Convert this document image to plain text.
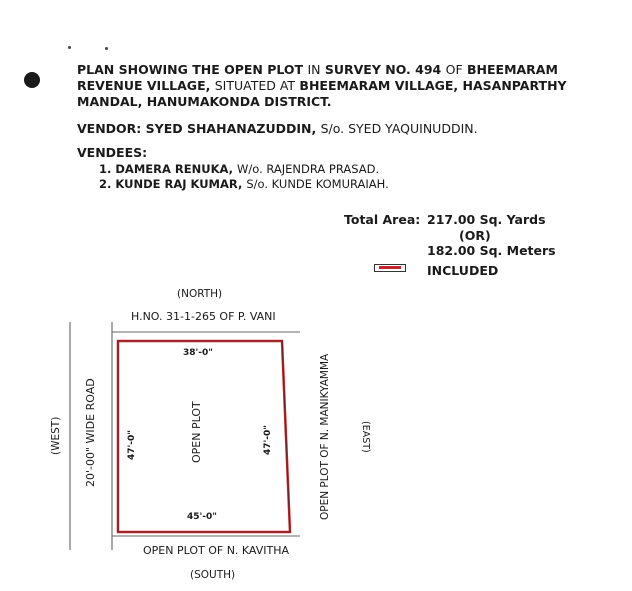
PLAN SHOWING THE OPEN PLOT IN SURVEY NO. 494 OF BHEEMARAM REVENUE VILLAGE, SITUATED AT BHEEMARAM VILLAGE, HASANPARTHY MANDAL, HANUMAKONDA DISTRICT.
VENDOR: SYED SHAHANAZUDDIN, S/o. SYED YAQUINUDDIN.
VENDEES:
1. DAMERA RENUKA, W/o. RAJENDRA PRASAD.
2. KUNDE RAJ KUMAR, S/o. KUNDE KOMURAIAH.
Total Area: 217.00 Sq. Yards
(OR)
182.00 Sq. Meters
INCLUDED
(NORTH)
H.NO. 31-1-265 OF P. VANI
38'-0"
45'-0"
OPEN PLOT OF N. KAVITHA
(SOUTH)
(WEST) 20'-00" WIDE ROAD	47'-0"	OPEN PLOT	47'-0"	OPEN PLOT OF N. MANIKYAMMA	(EAST)
